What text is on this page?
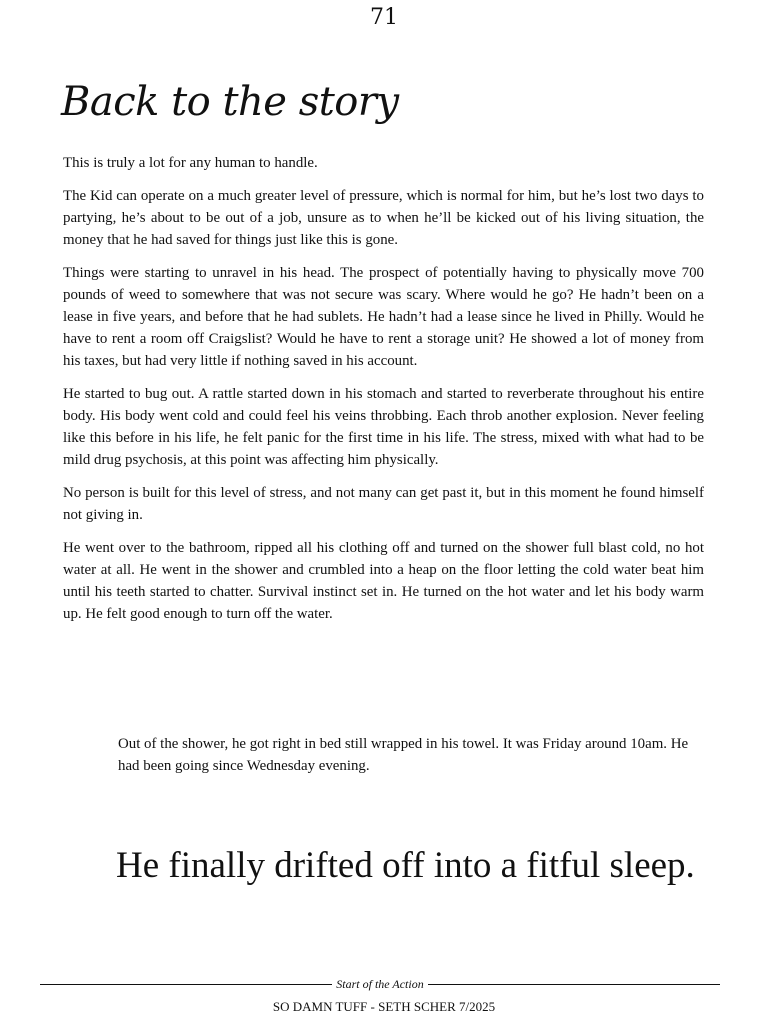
71
Back to the story

This is truly a lot for any human to handle.

The Kid can operate on a much greater level of pressure, which is normal for him, but he’s lost two days to partying, he’s about to be out of a job, unsure as to when he’ll be kicked out of his living situation, the money that he had saved for things just like this is gone.

Things were starting to unravel in his head. The prospect of potentially having to physically move 700 pounds of weed to somewhere that was not secure was scary. Where would he go? He hadn’t been on a lease in five years, and before that he had sublets. He hadn’t had a lease since he lived in Philly. Would he have to rent a room off Craigslist? Would he have to rent a storage unit? He showed a lot of money from his taxes, but had very little if nothing saved in his account.

He started to bug out. A rattle started down in his stomach and started to reverberate throughout his entire body. His body went cold and could feel his veins throbbing. Each throb another explosion. Never feeling like this before in his life, he felt panic for the first time in his life. The stress, mixed with what had to be mild drug psychosis, at this point was affecting him physically.

No person is built for this level of stress, and not many can get past it, but in this moment he found himself not giving in.

He went over to the bathroom, ripped all his clothing off and turned on the shower full blast cold, no hot water at all. He went in the shower and crumbled into a heap on the floor letting the cold water beat him until his teeth started to chatter. Survival instinct set in. He turned on the hot water and let his body warm up. He felt good enough to turn off the water.

Out of the shower, he got right in bed still wrapped in his towel. It was Friday around 10am. He had been going since Wednesday evening.

He finally drifted off into a fitful sleep.

Start of the Action
SO DAMN TUFF - SETH SCHER 7/2025
